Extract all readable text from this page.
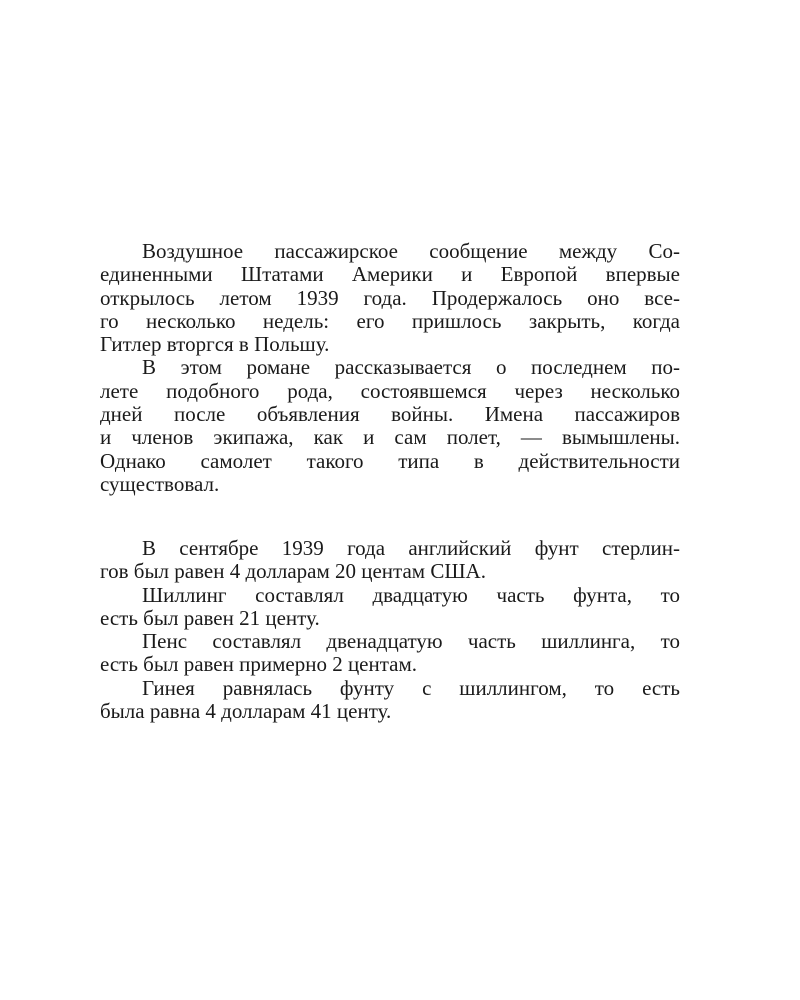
Воздушное пассажирское сообщение между Со-
единенными Штатами Америки и Европой впервые
открылось летом 1939 года. Продержалось оно все-
го несколько недель: его пришлось закрыть, когда
Гитлер вторгся в Польшу.
В этом романе рассказывается о последнем по-
лете подобного рода, состоявшемся через несколько
дней после объявления войны. Имена пассажиров
и членов экипажа, как и сам полет, — вымышлены.
Однако самолет такого типа в действительности
существовал.
В сентябре 1939 года английский фунт стерлин-
гов был равен 4 долларам 20 центам США.
Шиллинг составлял двадцатую часть фунта, то
есть был равен 21 центу.
Пенс составлял двенадцатую часть шиллинга, то
есть был равен примерно 2 центам.
Гинея равнялась фунту с шиллингом, то есть
была равна 4 долларам 41 центу.
